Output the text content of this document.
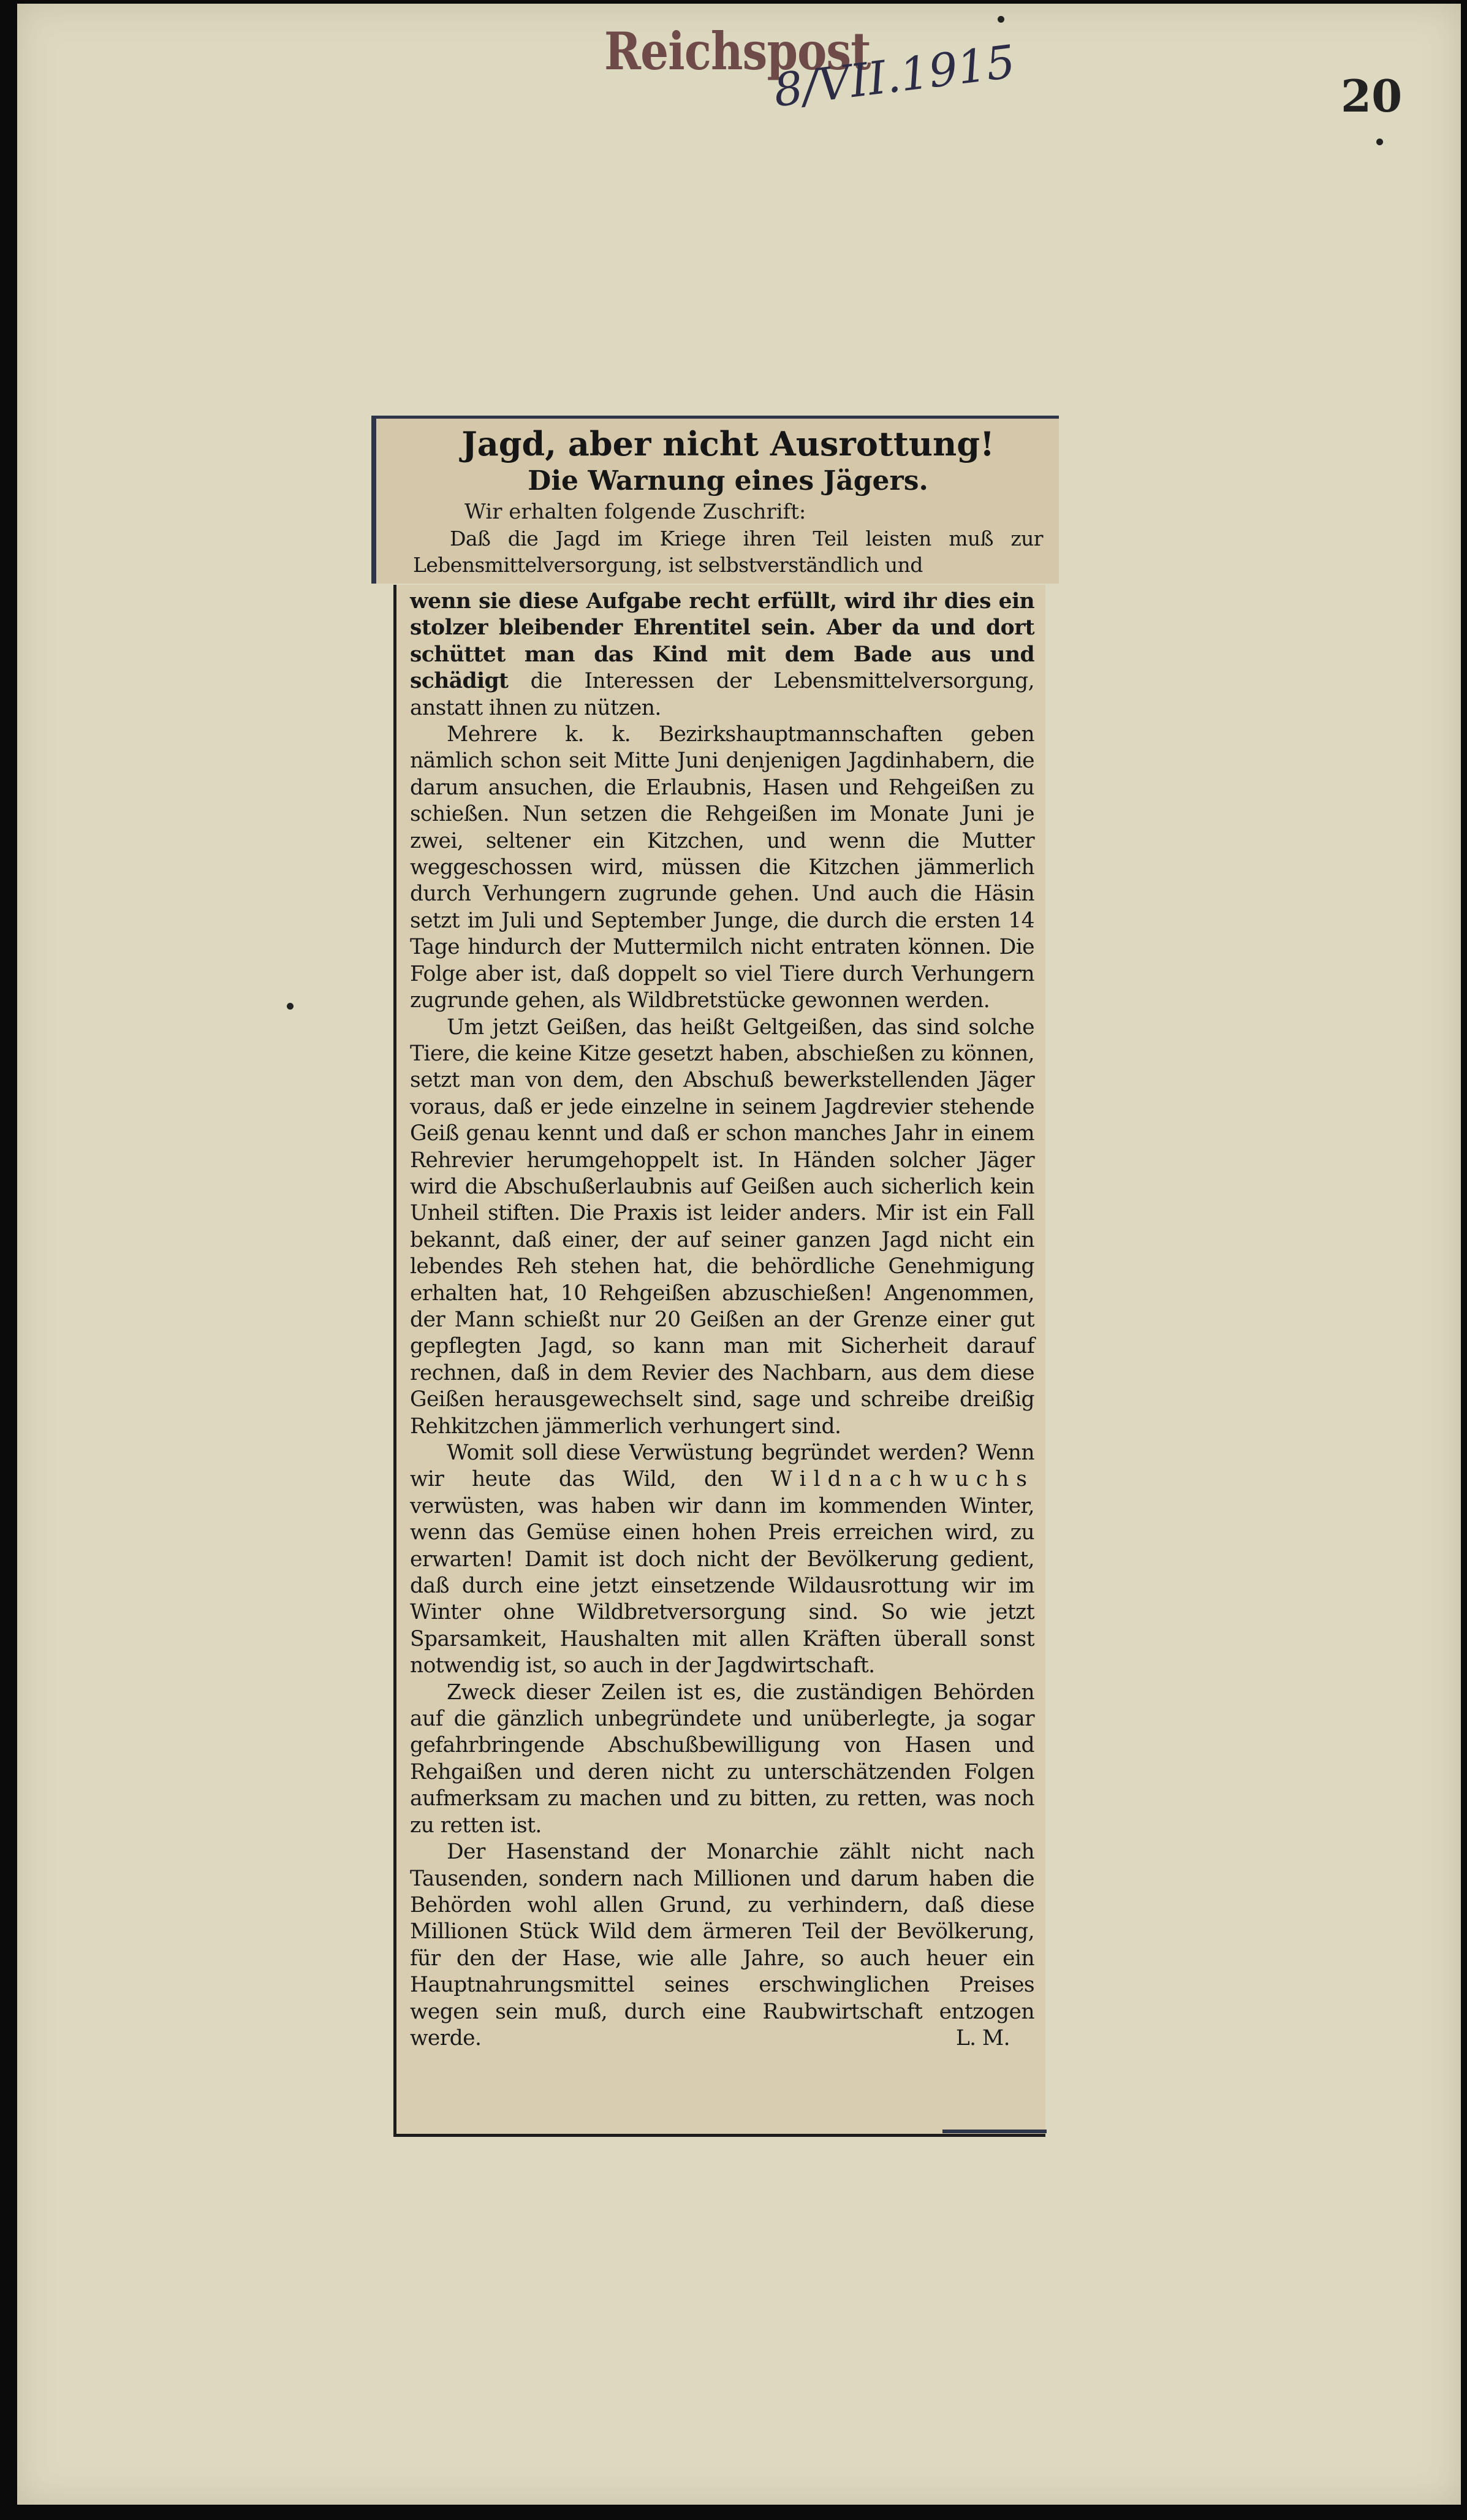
Reichspost
8/VII.1915	20
Jagd, aber nicht Ausrottung!
Die Warnung eines Jägers.
Wir erhalten folgende Zuschrift:

Daß die Jagd im Kriege ihren Teil leisten muß zur Lebensmittelversorgung, ist selbstverständlich und

wenn sie diese Aufgabe recht erfüllt, wird ihr dies ein stolzer bleibender Ehrentitel sein. Aber da und dort schüttet man das Kind mit dem Bade aus und schädigt die Interessen der Lebensmittelversorgung, anstatt ihnen zu nützen.

Mehrere k. k. Bezirkshauptmannschaften geben nämlich schon seit Mitte Juni denjenigen Jagdinhabern, die darum ansuchen, die Erlaubnis, Hasen und Rehgeißen zu schießen. Nun setzen die Rehgeißen im Monate Juni je zwei, seltener ein Kitzchen, und wenn die Mutter weggeschossen wird, müssen die Kitzchen jämmerlich durch Verhungern zugrunde gehen. Und auch die Häsin setzt im Juli und September Junge, die durch die ersten 14 Tage hindurch der Muttermilch nicht entraten können. Die Folge aber ist, daß doppelt so viel Tiere durch Verhungern zugrunde gehen, als Wildbretstücke gewonnen werden.

Um jetzt Geißen, das heißt Geltgeißen, das sind solche Tiere, die keine Kitze gesetzt haben, abschießen zu können, setzt man von dem, den Abschuß bewerkstellenden Jäger voraus, daß er jede einzelne in seinem Jagdrevier stehende Geiß genau kennt und daß er schon manches Jahr in einem Rehrevier herumgehoppelt ist. In Händen solcher Jäger wird die Abschußerlaubnis auf Geißen auch sicherlich kein Unheil stiften. Die Praxis ist leider anders. Mir ist ein Fall bekannt, daß einer, der auf seiner ganzen Jagd nicht ein lebendes Reh stehen hat, die behördliche Genehmigung erhalten hat, 10 Rehgeißen abzuschießen! Angenommen, der Mann schießt nur 20 Geißen an der Grenze einer gut gepflegten Jagd, so kann man mit Sicherheit darauf rechnen, daß in dem Revier des Nachbarn, aus dem diese Geißen herausgewechselt sind, sage und schreibe dreißig Rehkitzchen jämmerlich verhungert sind.

Womit soll diese Verwüstung begründet werden? Wenn wir heute das Wild, den Wildnachwuchs verwüsten, was haben wir dann im kommenden Winter, wenn das Gemüse einen hohen Preis erreichen wird, zu erwarten! Damit ist doch nicht der Bevölkerung gedient, daß durch eine jetzt einsetzende Wildausrottung wir im Winter ohne Wildbretversorgung sind. So wie jetzt Sparsamkeit, Haushalten mit allen Kräften überall sonst notwendig ist, so auch in der Jagdwirtschaft.

Zweck dieser Zeilen ist es, die zuständigen Behörden auf die gänzlich unbegründete und unüberlegte, ja sogar gefahrbringende Abschußbewilligung von Hasen und Rehgaißen und deren nicht zu unterschätzenden Folgen aufmerksam zu machen und zu bitten, zu retten, was noch zu retten ist.

Der Hasenstand der Monarchie zählt nicht nach Tausenden, sondern nach Millionen und darum haben die Behörden wohl allen Grund, zu verhindern, daß diese Millionen Stück Wild dem ärmeren Teil der Bevölkerung, für den der Hase, wie alle Jahre, so auch heuer ein Hauptnahrungsmittel seines erschwinglichen Preises wegen sein muß, durch eine Raubwirtschaft entzogen werde.	L. M.
